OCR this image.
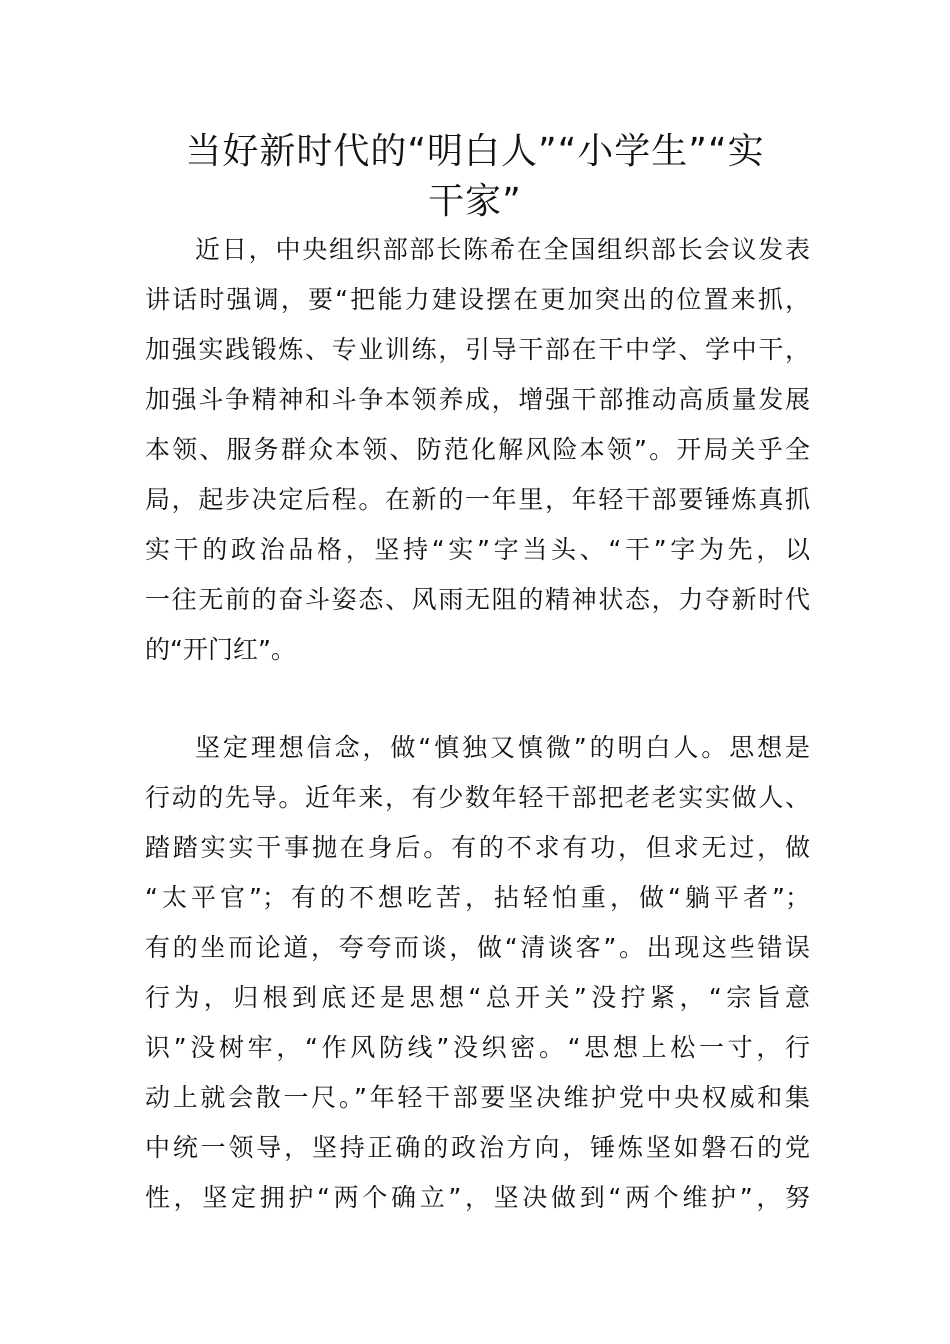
当好新时代的“明白人”“小学生”“实
干家”
近日，中央组织部部长陈希在全国组织部长会议发表
讲话时强调，要“把能力建设摆在更加突出的位置来抓，
加强实践锻炼、专业训练，引导干部在干中学、学中干，
加强斗争精神和斗争本领养成，增强干部推动高质量发展
本领、服务群众本领、防范化解风险本领”。开局关乎全
局，起步决定后程。在新的一年里，年轻干部要锤炼真抓
实干的政治品格，坚持“实”字当头、“干”字为先，以
一往无前的奋斗姿态、风雨无阻的精神状态，力夺新时代
的“开门红”。
坚定理想信念，做“慎独又慎微”的明白人。思想是
行动的先导。近年来，有少数年轻干部把老老实实做人、
踏踏实实干事抛在身后。有的不求有功，但求无过，做
“太平官”；有的不想吃苦，拈轻怕重，做“躺平者”；
有的坐而论道，夸夸而谈，做“清谈客”。出现这些错误
行为，归根到底还是思想“总开关”没拧紧，“宗旨意
识”没树牢，“作风防线”没织密。“思想上松一寸，行
动上就会散一尺。”年轻干部要坚决维护党中央权威和集
中统一领导，坚持正确的政治方向，锤炼坚如磐石的党
性，坚定拥护“两个确立”，坚决做到“两个维护”，努
